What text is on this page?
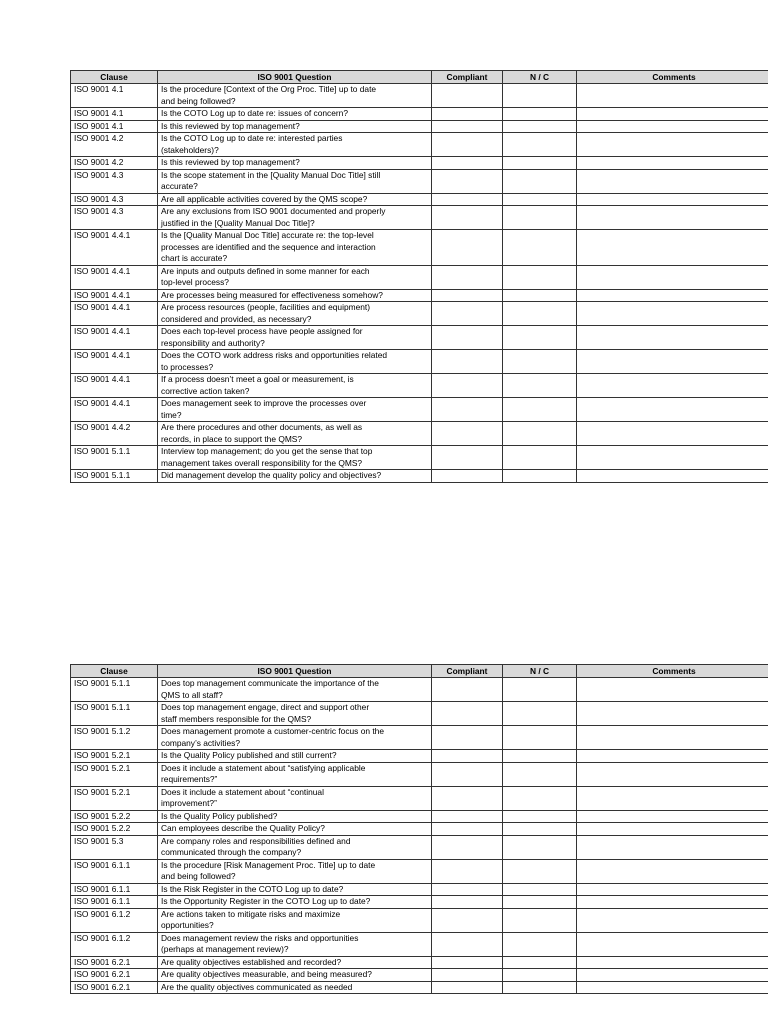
Clause	ISO 9001 Question	Compliant	N / C	Comments
ISO 9001 4.1	Is the procedure [Context of the Org Proc. Title] up to date
and being followed?			
ISO 9001 4.1	Is the COTO Log up to date re: issues of concern?			
ISO 9001 4.1	Is this reviewed by top management?			
ISO 9001 4.2	Is the COTO Log up to date re: interested parties
(stakeholders)?			
ISO 9001 4.2	Is this reviewed by top management?			
ISO 9001 4.3	Is the scope statement in the [Quality Manual Doc Title] still
accurate?			
ISO 9001 4.3	Are all applicable activities covered by the QMS scope?			
ISO 9001 4.3	Are any exclusions from ISO 9001 documented and properly
justified in the [Quality Manual Doc Title]?			
ISO 9001 4.4.1	Is the [Quality Manual Doc Title] accurate re: the top-level
processes are identified and the sequence and interaction
chart is accurate?			
ISO 9001 4.4.1	Are inputs and outputs defined in some manner for each
top-level process?			
ISO 9001 4.4.1	Are processes being measured for effectiveness somehow?			
ISO 9001 4.4.1	Are process resources (people, facilities and equipment)
considered and provided, as necessary?			
ISO 9001 4.4.1	Does each top-level process have people assigned for
responsibility and authority?			
ISO 9001 4.4.1	Does the COTO work address risks and opportunities related
to processes?			
ISO 9001 4.4.1	If a process doesn’t meet a goal or measurement, is
corrective action taken?			
ISO 9001 4.4.1	Does management seek to improve the processes over
time?			
ISO 9001 4.4.2	Are there procedures and other documents, as well as
records, in place to support the QMS?			
ISO 9001 5.1.1	Interview top management; do you get the sense that top
management takes overall responsibility for the QMS?			
ISO 9001 5.1.1	Did management develop the quality policy and objectives?			
Clause	ISO 9001 Question	Compliant	N / C	Comments
ISO 9001 5.1.1	Does top management communicate the importance of the
QMS to all staff?			
ISO 9001 5.1.1	Does top management engage, direct and support other
staff members responsible for the QMS?			
ISO 9001 5.1.2	Does management promote a customer-centric focus on the
company’s activities?			
ISO 9001 5.2.1	Is the Quality Policy published and still current?			
ISO 9001 5.2.1	Does it include a statement about “satisfying applicable
requirements?”			
ISO 9001 5.2.1	Does it include a statement about “continual
improvement?”			
ISO 9001 5.2.2	Is the Quality Policy published?			
ISO 9001 5.2.2	Can employees describe the Quality Policy?			
ISO 9001 5.3	Are company roles and responsibilities defined and
communicated through the company?			
ISO 9001 6.1.1	Is the procedure [Risk Management Proc. Title] up to date
and being followed?			
ISO 9001 6.1.1	Is the Risk Register in the COTO Log up to date?			
ISO 9001 6.1.1	Is the Opportunity Register in the COTO Log up to date?			
ISO 9001 6.1.2	Are actions taken to mitigate risks and maximize
opportunities?			
ISO 9001 6.1.2	Does management review the risks and opportunities
(perhaps at management review)?			
ISO 9001 6.2.1	Are quality objectives established and recorded?			
ISO 9001 6.2.1	Are quality objectives measurable, and being measured?			
ISO 9001 6.2.1	Are the quality objectives communicated as needed			
